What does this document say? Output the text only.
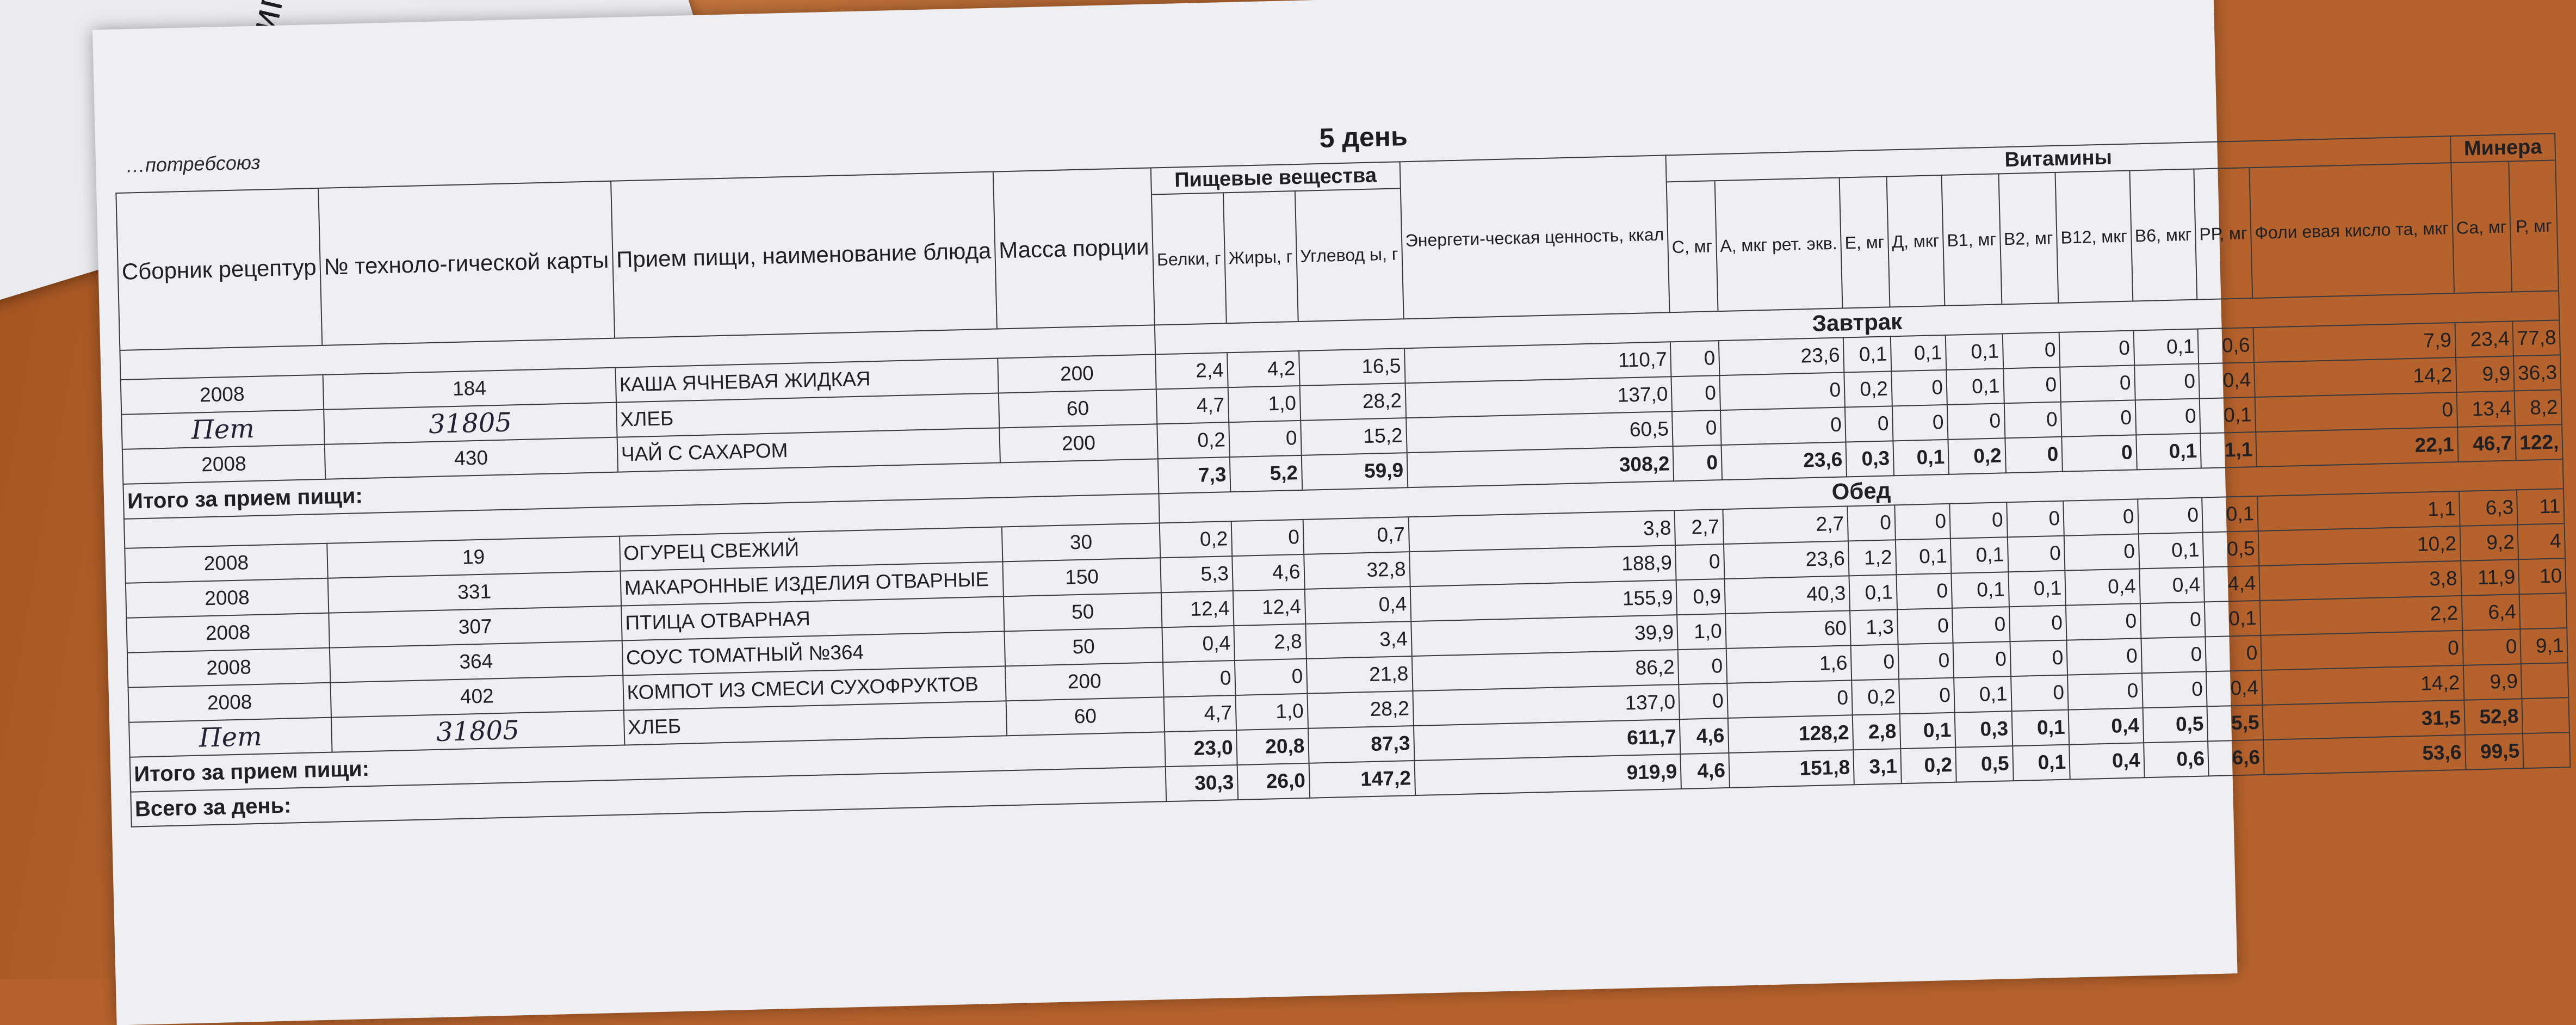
…потребсоюз
5 день
Сборник рецептур	№ техноло-гической карты	Прием пищи, наименование блюда	Масса порции	Пищевые вещества			Энергети-ческая ценность, ккал	Витамины										Минера	
				Белки, г	Жиры, г	Углевод ы, г		С, мг	А, мкг рет. экв.	Е, мг	Д, мкг	В1, мг	В2, мг	В12, мкг	В6, мкг	РР, мг	Фоли евая кисло та, мкг	Са, мг	Р, мг
				Завтрак															
2008	184	КАША ЯЧНЕВАЯ ЖИДКАЯ	200	2,4	4,2	16,5	110,7	0	23,6	0,1	0,1	0,1	0	0	0,1	0,6	7,9	23,4	77,8
Пет	31805	ХЛЕБ	60	4,7	1,0	28,2	137,0	0	0	0,2	0	0,1	0	0	0	0,4	14,2	9,9	36,3
2008	430	ЧАЙ С САХАРОМ	200	0,2	0	15,2	60,5	0	0	0	0	0	0	0	0	0,1	0	13,4	8,2
Итого за прием пищи:				7,3	5,2	59,9	308,2	0	23,6	0,3	0,1	0,2	0	0	0,1	1,1	22,1	46,7	122,
				Обед															
2008	19	ОГУРЕЦ СВЕЖИЙ	30	0,2	0	0,7	3,8	2,7	2,7	0	0	0	0	0	0	0,1	1,1	6,3	11
2008	331	МАКАРОННЫЕ ИЗДЕЛИЯ ОТВАРНЫЕ	150	5,3	4,6	32,8	188,9	0	23,6	1,2	0,1	0,1	0	0	0,1	0,5	10,2	9,2	4
2008	307	ПТИЦА ОТВАРНАЯ	50	12,4	12,4	0,4	155,9	0,9	40,3	0,1	0	0,1	0,1	0,4	0,4	4,4	3,8	11,9	10
2008	364	СОУС ТОМАТНЫЙ №364	50	0,4	2,8	3,4	39,9	1,0	60	1,3	0	0	0	0	0	0,1	2,2	6,4	
2008	402	КОМПОТ ИЗ СМЕСИ СУХОФРУКТОВ	200	0	0	21,8	86,2	0	1,6	0	0	0	0	0	0	0	0	0	9,1
Пет	31805	ХЛЕБ	60	4,7	1,0	28,2	137,0	0	0	0,2	0	0,1	0	0	0	0,4	14,2	9,9	
Итого за прием пищи:				23,0	20,8	87,3	611,7	4,6	128,2	2,8	0,1	0,3	0,1	0,4	0,5	5,5	31,5	52,8	
Всего за день:				30,3	26,0	147,2	919,9	4,6	151,8	3,1	0,2	0,5	0,1	0,4	0,6	6,6	53,6	99,5	
